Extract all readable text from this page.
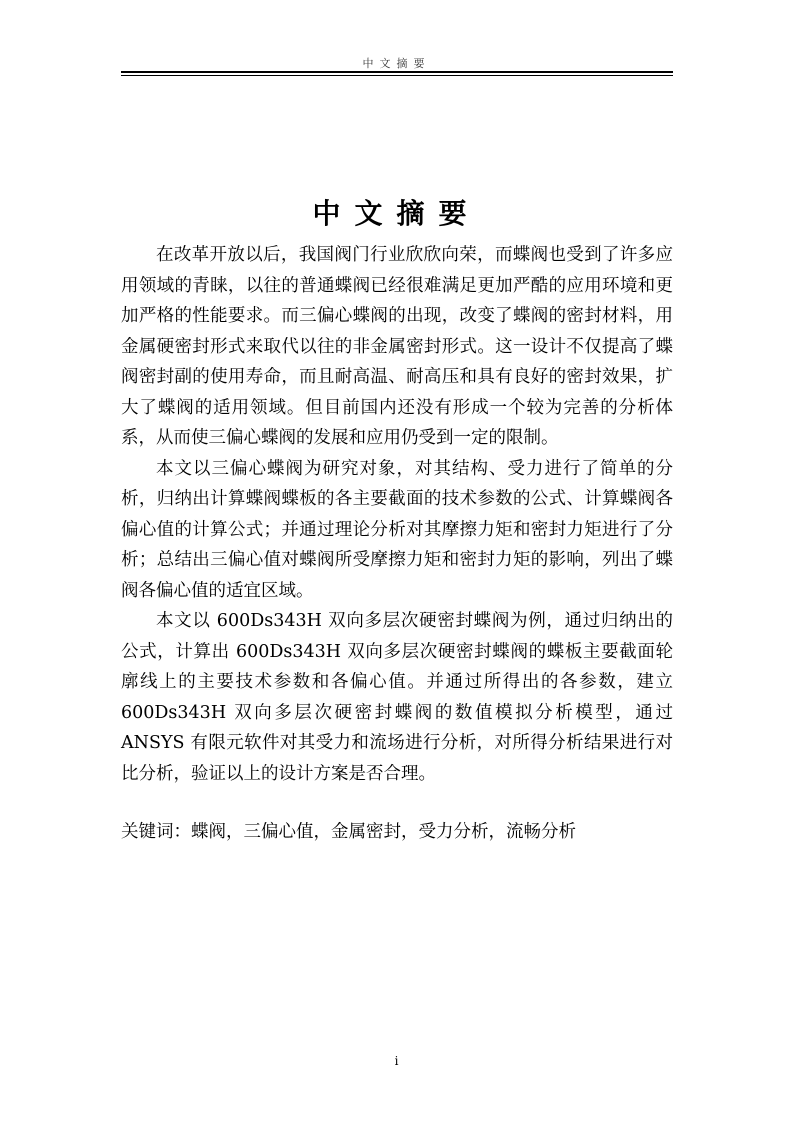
中文摘要
中文摘要

在改革开放以后，我国阀门行业欣欣向荣，而蝶阀也受到了许多应用领域的青睐，以往的普通蝶阀已经很难满足更加严酷的应用环境和更加严格的性能要求。而三偏心蝶阀的出现，改变了蝶阀的密封材料，用金属硬密封形式来取代以往的非金属密封形式。这一设计不仅提高了蝶阀密封副的使用寿命，而且耐高温、耐高压和具有良好的密封效果，扩大了蝶阀的适用领域。但目前国内还没有形成一个较为完善的分析体系，从而使三偏心蝶阀的发展和应用仍受到一定的限制。

本文以三偏心蝶阀为研究对象，对其结构、受力进行了简单的分析，归纳出计算蝶阀蝶板的各主要截面的技术参数的公式、计算蝶阀各偏心值的计算公式；并通过理论分析对其摩擦力矩和密封力矩进行了分析；总结出三偏心值对蝶阀所受摩擦力矩和密封力矩的影响，列出了蝶阀各偏心值的适宜区域。

本文以 600Ds343H 双向多层次硬密封蝶阀为例，通过归纳出的公式，计算出 600Ds343H 双向多层次硬密封蝶阀的蝶板主要截面轮廓线上的主要技术参数和各偏心值。并通过所得出的各参数，建立 600Ds343H 双向多层次硬密封蝶阀的数值模拟分析模型，通过 ANSYS 有限元软件对其受力和流场进行分析，对所得分析结果进行对比分析，验证以上的设计方案是否合理。

关键词：蝶阀，三偏心值，金属密封，受力分析，流畅分析
i
